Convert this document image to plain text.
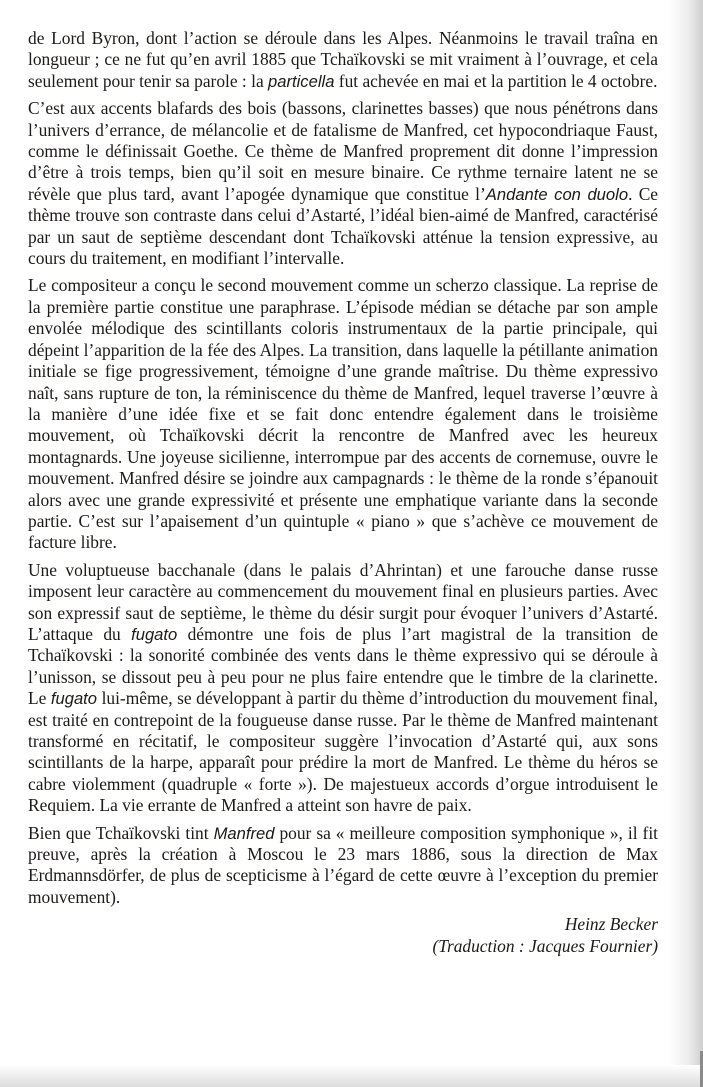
de Lord Byron, dont l’action se déroule dans les Alpes. Néanmoins le travail traîna en longueur ; ce ne fut qu’en avril 1885 que Tchaïkovski se mit vraiment à l’ouvrage, et cela seulement pour tenir sa parole : la particella fut achevée en mai et la partition le 4 octobre.

C’est aux accents blafards des bois (bassons, clarinettes basses) que nous pénétrons dans l’univers d’errance, de mélancolie et de fatalisme de Manfred, cet hypocondriaque Faust, comme le définissait Goethe. Ce thème de Manfred proprement dit donne l’impression d’être à trois temps, bien qu’il soit en mesure binaire. Ce rythme ternaire latent ne se révèle que plus tard, avant l’apogée dynamique que constitue l’Andante con duolo. Ce thème trouve son contraste dans celui d’Astarté, l’idéal bien-aimé de Manfred, caractérisé par un saut de septième descendant dont Tchaïkovski atténue la tension expressive, au cours du traitement, en modifiant l’intervalle.

Le compositeur a conçu le second mouvement comme un scherzo classique. La reprise de la première partie constitue une paraphrase. L’épisode médian se détache par son ample envolée mélodique des scintillants coloris instrumentaux de la partie principale, qui dépeint l’apparition de la fée des Alpes. La transition, dans laquelle la pétillante animation initiale se fige progressivement, témoigne d’une grande maîtrise. Du thème expressivo naît, sans rupture de ton, la réminiscence du thème de Manfred, lequel traverse l’œuvre à la manière d’une idée fixe et se fait donc entendre également dans le troisième mouvement, où Tchaïkovski décrit la rencontre de Manfred avec les heureux montagnards. Une joyeuse sicilienne, interrompue par des accents de cornemuse, ouvre le mouvement. Manfred désire se joindre aux campagnards : le thème de la ronde s’épanouit alors avec une grande expressivité et présente une emphatique variante dans la seconde partie. C’est sur l’apaisement d’un quintuple « piano » que s’achève ce mouvement de facture libre.

Une voluptueuse bacchanale (dans le palais d’Ahrintan) et une farouche danse russe imposent leur caractère au commencement du mouvement final en plusieurs parties. Avec son expressif saut de septième, le thème du désir surgit pour évoquer l’univers d’Astarté. L’attaque du fugato démontre une fois de plus l’art magistral de la transition de Tchaïkovski : la sonorité combinée des vents dans le thème expressivo qui se déroule à l’unisson, se dissout peu à peu pour ne plus faire entendre que le timbre de la clarinette. Le fugato lui-même, se développant à partir du thème d’introduction du mouvement final, est traité en contrepoint de la fougueuse danse russe. Par le thème de Manfred maintenant transformé en récitatif, le compositeur suggère l’invocation d’Astarté qui, aux sons scintillants de la harpe, apparaît pour prédire la mort de Manfred. Le thème du héros se cabre violemment (quadruple « forte »). De majestueux accords d’orgue introduisent le Requiem. La vie errante de Manfred a atteint son havre de paix.

Bien que Tchaïkovski tint Manfred pour sa « meilleure composition symphonique », il fit preuve, après la création à Moscou le 23 mars 1886, sous la direction de Max Erdmannsdörfer, de plus de scepticisme à l’égard de cette œuvre à l’exception du premier mouvement).

Heinz Becker

(Traduction : Jacques Fournier)
